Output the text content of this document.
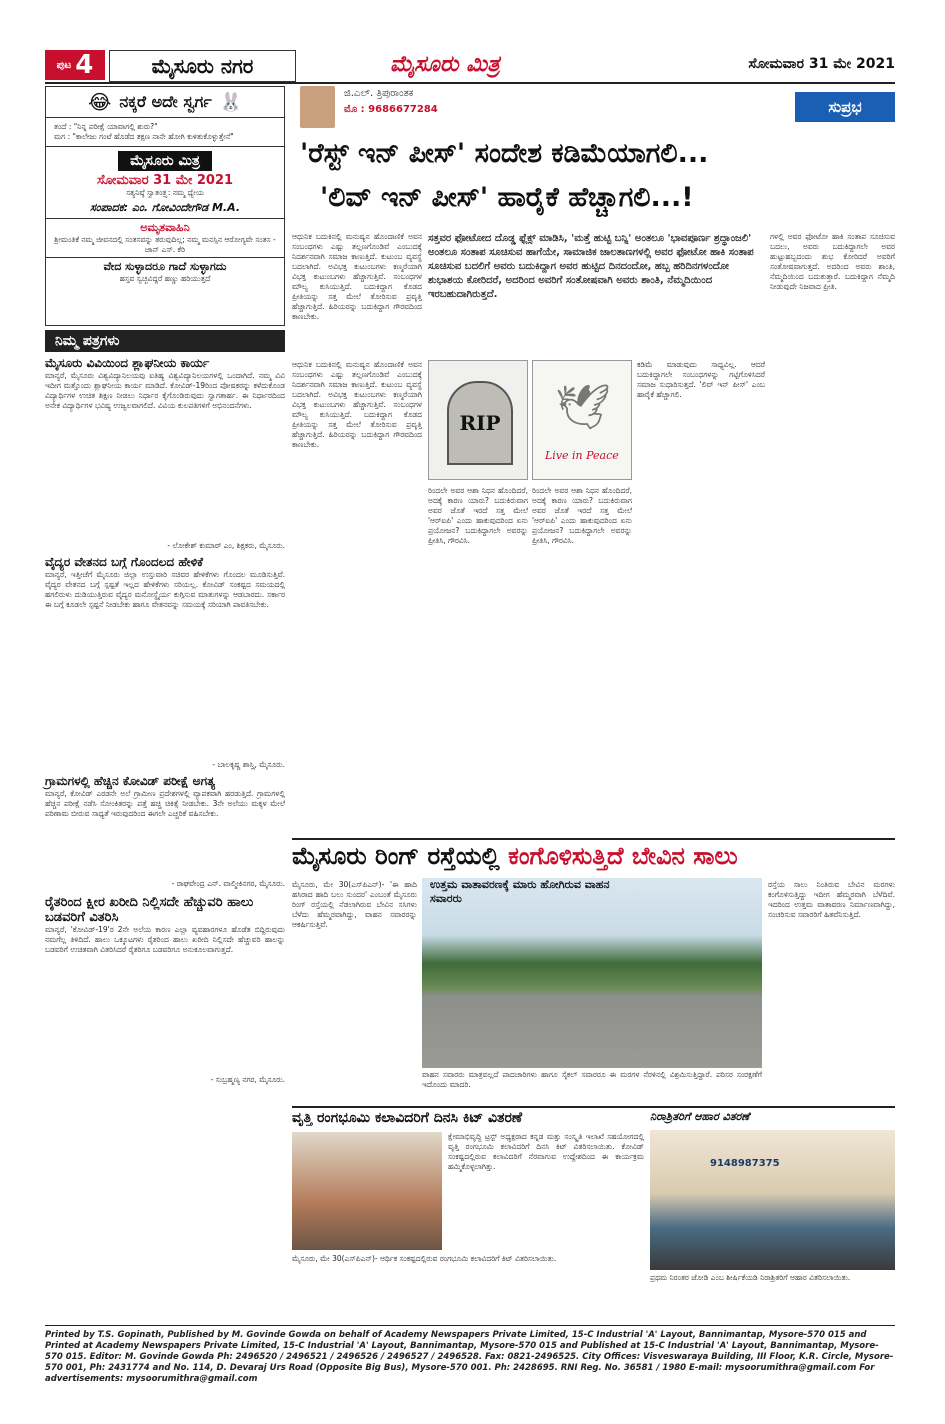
ಪುಟ 4	ಮೈಸೂರು ನಗರ	ಮೈಸೂರು ಮಿತ್ರ	ಸೋಮವಾರ 31 ಮೇ 2021
😂 ನಕ್ಕರೆ ಅದೇ ಸ್ವರ್ಗ 🐰
ತಂದೆ : "ನಿನ್ನ ಪರೀಕ್ಷೆ ಯಾವಾಗಲ್ಲಿ ಶುರು?"
ಮಗ : "ಕಾಲೇಜು ಗಂಟೆ ಹೊಡೆದ ತಕ್ಷಣ ನಾನೇ ಹೋಗಿ ಕುಳಿತುಕೊಳ್ಳುತ್ತೇನೆ"
ಮೈಸೂರು ಮಿತ್ರ
ಸೋಮವಾರ 31 ಮೇ 2021
ಸತ್ಯನಿಷ್ಠೆ ಸ್ವಾತಂತ್ರ್ಯ: ನಮ್ಮ ಧ್ಯೇಯ
ಸಂಪಾದಕ: ಎಂ. ಗೋವಿಂದೇಗೌಡ M.A.
ಅಮೃತವಾಹಿನಿ
ಶ್ರೀಮಂತಿಕೆ ನಮ್ಮ ಜೀವನದಲ್ಲಿ ಸಂತಸವನ್ನು ತರುವುದಿಲ್ಲ; ನಮ್ಮ ಮನಸ್ಸಿನ ಆರೋಗ್ಯವೇ ಸಂತಸ - ಜಾನ್ ಎಸ್. ಕೆರಿ
ವೇದ ಸುಳ್ಳಾದರೂ ಗಾದೆ ಸುಳ್ಳಾಗದು
ಹಸ್ತವ ಸ್ವಚ್ಛವಿದ್ದರೆ ಹಣ್ಣು ಹರಿಯುತ್ತದೆ
ನಿಮ್ಮ ಪತ್ರಗಳು
ಮೈಸೂರು ವಿವಿಯಿಂದ ಶ್ಲಾಘನೀಯ ಕಾರ್ಯ
ಮಾನ್ಯರೆ, ಮೈಸೂರು ವಿಶ್ವವಿದ್ಯಾನಿಲಯವು ಐತಿಹ್ಯ ವಿಶ್ವವಿದ್ಯಾನಿಲಯಗಳಲ್ಲಿ ಒಂದಾಗಿದೆ. ನಮ್ಮ ವಿವಿ ಇದೀಗ ಮತ್ತೊಂದು ಶ್ಲಾಘನೀಯ ಕಾರ್ಯ ಮಾಡಿದೆ. ಕೋವಿಡ್-19ರಿಂದ ಪೋಷಕರನ್ನು ಕಳೆದುಕೊಂಡ ವಿದ್ಯಾರ್ಥಿಗಳ ಉಚಿತ ಶಿಕ್ಷಣ ನೀಡಲು ನಿರ್ಧಾರ ಕೈಗೊಂಡಿರುವುದು ಸ್ವಾಗತಾರ್ಹ. ಈ ನಿರ್ಧಾರದಿಂದ ಅನೇಕ ವಿದ್ಯಾರ್ಥಿಗಳ ಭವಿಷ್ಯ ಉಜ್ವಲವಾಗಲಿದೆ. ವಿವಿಯ ಕುಲಪತಿಗಳಿಗೆ ಅಭಿನಂದನೆಗಳು.
- ಲೋಕೇಶ್ ಕುಮಾರ್ ಎಂ, ಶಿಕ್ಷಕರು, ಮೈಸೂರು.
ವೈದ್ಯರ ವೇತನದ ಬಗ್ಗೆ ಗೊಂದಲದ ಹೇಳಿಕೆ
ಮಾನ್ಯರೆ, ಇತ್ತೀಚೆಗೆ ಮೈಸೂರು ಜಿಲ್ಲಾ ಉಸ್ತುವಾರಿ ಸಚಿವರ ಹೇಳಿಕೆಗಳು ಗೊಂದಲ ಮೂಡಿಸುತ್ತಿವೆ. ವೈದ್ಯರ ವೇತನದ ಬಗ್ಗೆ ಸ್ಪಷ್ಟತೆ ಇಲ್ಲದ ಹೇಳಿಕೆಗಳು ಸರಿಯಲ್ಲ. ಕೋವಿಡ್ ಸಂಕಷ್ಟದ ಸಮಯದಲ್ಲಿ ಹಗಲಿರುಳು ದುಡಿಯುತ್ತಿರುವ ವೈದ್ಯರ ಮನೋಸ್ಥೈರ್ಯ ಕುಗ್ಗಿಸುವ ಮಾತುಗಳನ್ನು ಆಡಬಾರದು. ಸರ್ಕಾರ ಈ ಬಗ್ಗೆ ಕೂಡಲೇ ಸ್ಪಷ್ಟನೆ ನೀಡಬೇಕು ಹಾಗೂ ವೇತನವನ್ನು ಸಮಯಕ್ಕೆ ಸರಿಯಾಗಿ ಪಾವತಿಸಬೇಕು.
- ಬಾಲಕೃಷ್ಣ ಶಾಸ್ತ್ರಿ, ಮೈಸೂರು.
ಗ್ರಾಮಗಳಲ್ಲಿ ಹೆಚ್ಚಿನ ಕೋವಿಡ್ ಪರೀಕ್ಷೆ ಅಗತ್ಯ
ಮಾನ್ಯರೆ, ಕೋವಿಡ್ ಎರಡನೇ ಅಲೆ ಗ್ರಾಮೀಣ ಪ್ರದೇಶಗಳಲ್ಲಿ ವ್ಯಾಪಕವಾಗಿ ಹರಡುತ್ತಿದೆ. ಗ್ರಾಮಗಳಲ್ಲಿ ಹೆಚ್ಚಿನ ಪರೀಕ್ಷೆ ನಡೆಸಿ ಸೋಂಕಿತರನ್ನು ಪತ್ತೆ ಹಚ್ಚಿ ಚಿಕಿತ್ಸೆ ನೀಡಬೇಕು. 3ನೇ ಅಲೆಯು ಮಕ್ಕಳ ಮೇಲೆ ಪರಿಣಾಮ ಬೀರುವ ಸಾಧ್ಯತೆ ಇರುವುದರಿಂದ ಈಗಲೇ ಎಚ್ಚರಿಕೆ ವಹಿಸಬೇಕು.
- ರಾಘವೇಂದ್ರ ಎನ್. ವಾಲ್ಮೀಕಿನಗರ, ಮೈಸೂರು.
ರೈತರಿಂದ ಕ್ಷೀರ ಖರೀದಿ ನಿಲ್ಲಿಸದೇ ಹೆಚ್ಚುವರಿ ಹಾಲು ಬಡವರಿಗೆ ವಿತರಿಸಿ
ಮಾನ್ಯರೆ, 'ಕೋವಿಡ್-19'ರ 2ನೇ ಅಲೆಯ ಕಾರಣ ಎಲ್ಲಾ ವ್ಯವಹಾರಗಳೂ ಹೊಡೆತ ಬಿದ್ದಿರುವುದು ನಮಗೆಲ್ಲ ತಿಳಿದಿದೆ. ಹಾಲು ಒಕ್ಕೂಟಗಳು ರೈತರಿಂದ ಹಾಲು ಖರೀದಿ ನಿಲ್ಲಿಸದೇ ಹೆಚ್ಚುವರಿ ಹಾಲನ್ನು ಬಡವರಿಗೆ ಉಚಿತವಾಗಿ ವಿತರಿಸಿದರೆ ರೈತರಿಗೂ ಬಡವರಿಗೂ ಅನುಕೂಲವಾಗುತ್ತದೆ.
- ಸುಬ್ರಹ್ಮಣ್ಯ ನಗರ, ಮೈಸೂರು.
ಜಿ.ಎಲ್. ತ್ರಿಪುರಾಂತಕ
ಮೊ : 9686677284	ಸುಪ್ರಭ
'ರೆಸ್ಟ್ ಇನ್ ಪೀಸ್' ಸಂದೇಶ ಕಡಿಮೆಯಾಗಲಿ...
'ಲಿವ್ ಇನ್ ಪೀಸ್' ಹಾರೈಕೆ ಹೆಚ್ಚಾಗಲಿ...!
ಆಧುನಿಕ ಬದುಕಿನಲ್ಲಿ ಮನುಷ್ಯನ ಹೊಂದಾಣಿಕೆ ಅವನ ಸಂಬಂಧಗಳು ಎಷ್ಟು ತಲ್ಲಣಗೊಂಡಿವೆ ಎಂಬುದಕ್ಕೆ ನಿದರ್ಶನವಾಗಿ ಸಮಾಜ ಕಾಣುತ್ತಿದೆ. ಕುಟುಂಬ ವ್ಯವಸ್ಥೆ ಬದಲಾಗಿದೆ. ಅವಿಭಕ್ತ ಕುಟುಂಬಗಳು ಕಣ್ಮರೆಯಾಗಿ ವಿಭಕ್ತ ಕುಟುಂಬಗಳು ಹೆಚ್ಚಾಗುತ್ತಿವೆ. ಸಂಬಂಧಗಳ ಮೌಲ್ಯ ಕುಸಿಯುತ್ತಿದೆ. ಬದುಕಿದ್ದಾಗ ಕೊಡದ ಪ್ರೀತಿಯನ್ನು ಸತ್ತ ಮೇಲೆ ತೋರಿಸುವ ಪ್ರವೃತ್ತಿ ಹೆಚ್ಚಾಗುತ್ತಿದೆ. ಹಿರಿಯರನ್ನು ಬದುಕಿದ್ದಾಗ ಗೌರವದಿಂದ ಕಾಣಬೇಕು.
ಸತ್ತವರ ಫೋಟೋದ ದೊಡ್ಡ ಫ್ಲೆಕ್ಸ್ ಮಾಡಿಸಿ, 'ಮತ್ತೆ ಹುಟ್ಟಿ ಬನ್ನಿ' ಅಂತಲೂ 'ಭಾವಪೂರ್ಣ ಶ್ರದ್ಧಾಂಜಲಿ' ಅಂತಲೂ ಸಂತಾಪ ಸೂಚಿಸುವ ಹಾಗೆಯೇ, ಸಾಮಾಜಿಕ ಜಾಲತಾಣಗಳಲ್ಲಿ ಅವರ ಫೋಟೋ ಹಾಕಿ ಸಂತಾಪ ಸೂಚಿಸುವ ಬದಲಿಗೆ ಅವರು ಬದುಕಿದ್ದಾಗ ಅವರ ಹುಟ್ಟಿದ ದಿನದಂದೋ, ಹಬ್ಬ ಹರಿದಿನಗಳಂದೋ ಶುಭಾಶಯ ಕೋರಿದರೆ, ಅದರಿಂದ ಅವರಿಗೆ ಸಂತೋಷವಾಗಿ ಅವರು ಶಾಂತಿ, ನೆಮ್ಮದಿಯಿಂದ ಇರಬಹುದಾಗಿರುತ್ತದೆ.
ಗಳಲ್ಲಿ ಅವರ ಫೋಟೋ ಹಾಕಿ ಸಂತಾಪ ಸೂಚಿಸುವ ಬದಲು, ಅವರು ಬದುಕಿದ್ದಾಗಲೇ ಅವರ ಹುಟ್ಟುಹಬ್ಬದಂದು ಶುಭ ಕೋರಿದರೆ ಅವರಿಗೆ ಸಂತೋಷವಾಗುತ್ತದೆ. ಅದರಿಂದ ಅವರು ಶಾಂತಿ, ನೆಮ್ಮದಿಯಿಂದ ಬದುಕುತ್ತಾರೆ. ಬದುಕಿದ್ದಾಗ ನೆಮ್ಮದಿ ನೀಡುವುದೇ ನಿಜವಾದ ಪ್ರೀತಿ.
ಆಧುನಿಕ ಬದುಕಿನಲ್ಲಿ ಮನುಷ್ಯನ ಹೊಂದಾಣಿಕೆ ಅವನ ಸಂಬಂಧಗಳು ಎಷ್ಟು ತಲ್ಲಣಗೊಂಡಿವೆ ಎಂಬುದಕ್ಕೆ ನಿದರ್ಶನವಾಗಿ ಸಮಾಜ ಕಾಣುತ್ತಿದೆ. ಕುಟುಂಬ ವ್ಯವಸ್ಥೆ ಬದಲಾಗಿದೆ. ಅವಿಭಕ್ತ ಕುಟುಂಬಗಳು ಕಣ್ಮರೆಯಾಗಿ ವಿಭಕ್ತ ಕುಟುಂಬಗಳು ಹೆಚ್ಚಾಗುತ್ತಿವೆ. ಸಂಬಂಧಗಳ ಮೌಲ್ಯ ಕುಸಿಯುತ್ತಿದೆ. ಬದುಕಿದ್ದಾಗ ಕೊಡದ ಪ್ರೀತಿಯನ್ನು ಸತ್ತ ಮೇಲೆ ತೋರಿಸುವ ಪ್ರವೃತ್ತಿ ಹೆಚ್ಚಾಗುತ್ತಿದೆ. ಹಿರಿಯರನ್ನು ಬದುಕಿದ್ದಾಗ ಗೌರವದಿಂದ ಕಾಣಬೇಕು.
RIP 🕊
Live in Peace
ಕಡಿಮೆ ಮಾಡುವುದು ಸಾಧ್ಯವಿಲ್ಲ. ಆದರೆ ಬದುಕಿದ್ದಾಗಲೇ ಸಂಬಂಧಗಳನ್ನು ಗಟ್ಟಿಗೊಳಿಸಿದರೆ ಸಮಾಜ ಸುಧಾರಿಸುತ್ತದೆ. 'ಲಿವ್ ಇನ್ ಪೀಸ್' ಎಂಬ ಹಾರೈಕೆ ಹೆಚ್ಚಾಗಲಿ.
ರಿಂದಲೇ ಅವರ ಆಶಾ ನಿಧನ ಹೊಂದಿದರೆ, ಅದಕ್ಕೆ ಕಾರಣ ಯಾರು? ಬದುಕಿರುವಾಗ ಅವರ ಜೊತೆ ಇರದೆ ಸತ್ತ ಮೇಲೆ 'ಆರ್‌ಐಪಿ' ಎಂದು ಹಾಕುವುದರಿಂದ ಏನು ಪ್ರಯೋಜನ? ಬದುಕಿದ್ದಾಗಲೇ ಅವರನ್ನು ಪ್ರೀತಿಸಿ, ಗೌರವಿಸಿ.
ರಿಂದಲೇ ಅವರ ಆಶಾ ನಿಧನ ಹೊಂದಿದರೆ, ಅದಕ್ಕೆ ಕಾರಣ ಯಾರು? ಬದುಕಿರುವಾಗ ಅವರ ಜೊತೆ ಇರದೆ ಸತ್ತ ಮೇಲೆ 'ಆರ್‌ಐಪಿ' ಎಂದು ಹಾಕುವುದರಿಂದ ಏನು ಪ್ರಯೋಜನ? ಬದುಕಿದ್ದಾಗಲೇ ಅವರನ್ನು ಪ್ರೀತಿಸಿ, ಗೌರವಿಸಿ.
ಮೈಸೂರು ರಿಂಗ್ ರಸ್ತೆಯಲ್ಲಿ ಕಂಗೊಳಿಸುತ್ತಿದೆ ಬೇವಿನ ಸಾಲು
ಮೈಸೂರು, ಮೇ 30(ಎಸ್‌ಪಿಎನ್)- 'ಈ ಹಾದಿ ಹಸಿರಾದ ಹಾದಿ ಬಲು ಸುಂದರ' ಎಂಬಂತೆ ಮೈಸೂರು ರಿಂಗ್ ರಸ್ತೆಯಲ್ಲಿ ನೆಡಲಾಗಿರುವ ಬೇವಿನ ಸಸಿಗಳು ಬೆಳೆದು ಹೆಮ್ಮರವಾಗಿದ್ದು, ವಾಹನ ಸವಾರರನ್ನು ಆಕರ್ಷಿಸುತ್ತಿವೆ.
ಉತ್ತಮ ವಾತಾವರಣಕ್ಕೆ ಮಾರು ಹೋಗಿರುವ ವಾಹನ ಸವಾರರು
ರಸ್ತೆಯ ಸಾಲು ನಿಂತಿರುವ ಬೇವಿನ ಮರಗಳು ಕಂಗೊಳಿಸುತ್ತಿದ್ದು ಇದೀಗ ಹೆಮ್ಮರವಾಗಿ ಬೆಳೆದಿವೆ. ಇದರಿಂದ ಉತ್ತಮ ವಾತಾವರಣ ನಿರ್ಮಾಣವಾಗಿದ್ದು, ಸಂಚರಿಸುವ ಸವಾರರಿಗೆ ಹಿತವೆನಿಸುತ್ತಿದೆ.
ವಾಹನ ಸವಾರರು ಮಾತ್ರವಲ್ಲದೆ ಪಾದಚಾರಿಗಳು ಹಾಗೂ ಸೈಕಲ್ ಸವಾರರೂ ಈ ಮರಗಳ ನೆರಳಿನಲ್ಲಿ ವಿಶ್ರಮಿಸುತ್ತಿದ್ದಾರೆ. ಪರಿಸರ ಸಂರಕ್ಷಣೆಗೆ ಇದೊಂದು ಮಾದರಿ.
ವೃತ್ತಿ ರಂಗಭೂಮಿ ಕಲಾವಿದರಿಗೆ ದಿನಸಿ ಕಿಟ್ ವಿತರಣೆ
ಮೈಸೂರು, ಮೇ 30(ಎಸ್‌ಪಿಎನ್)- ಆರ್ಥಿಕ ಸಂಕಷ್ಟದಲ್ಲಿರುವ ರಂಗಭೂಮಿ ಕಲಾವಿದರಿಗೆ ಕಿಟ್ ವಿತರಿಸಲಾಯಿತು.
ಕ್ಷೇಮಾಭಿವೃದ್ಧಿ ಟ್ರಸ್ಟ್ ಅಧ್ಯಕ್ಷರಾದ ಕನ್ನಡ ಮತ್ತು ಸಂಸ್ಕೃತಿ ಇಲಾಖೆ ಸಹಯೋಗದಲ್ಲಿ ವೃತ್ತಿ ರಂಗಭೂಮಿ ಕಲಾವಿದರಿಗೆ ದಿನಸಿ ಕಿಟ್ ವಿತರಿಸಲಾಯಿತು. ಕೋವಿಡ್ ಸಂಕಷ್ಟದಲ್ಲಿರುವ ಕಲಾವಿದರಿಗೆ ನೆರವಾಗುವ ಉದ್ದೇಶದಿಂದ ಈ ಕಾರ್ಯಕ್ರಮ ಹಮ್ಮಿಕೊಳ್ಳಲಾಗಿತ್ತು.
ನಿರಾಶ್ರಿತರಿಗೆ ಆಹಾರ ವಿತರಣೆ
9148987375
ಪ್ರಥಮ ನಿರಂತರ ಜೋಡಿ ಎಂಬ ಶೀರ್ಷಿಕೆಯಡಿ ನಿರಾಶ್ರಿತರಿಗೆ ಆಹಾರ ವಿತರಿಸಲಾಯಿತು.
Printed by T.S. Gopinath, Published by M. Govinde Gowda on behalf of Academy Newspapers Private Limited, 15-C Industrial 'A' Layout, Bannimantap, Mysore-570 015 and Printed at Academy Newspapers Private Limited, 15-C Industrial 'A' Layout, Bannimantap, Mysore-570 015 and Published at 15-C Industrial 'A' Layout, Bannimantap, Mysore-570 015. Editor: M. Govinde Gowda Ph: 2496520 / 2496521 / 2496526 / 2496527 / 2496528. Fax: 0821-2496525. City Offices: Visveswaraya Building, III Floor, K.R. Circle, Mysore-570 001, Ph: 2431774 and No. 114, D. Devaraj Urs Road (Opposite Big Bus), Mysore-570 001. Ph: 2428695. RNI Reg. No. 36581 / 1980 E-mail: mysoorumithra@gmail.com For advertisements: mysoorumithra@gmail.com
